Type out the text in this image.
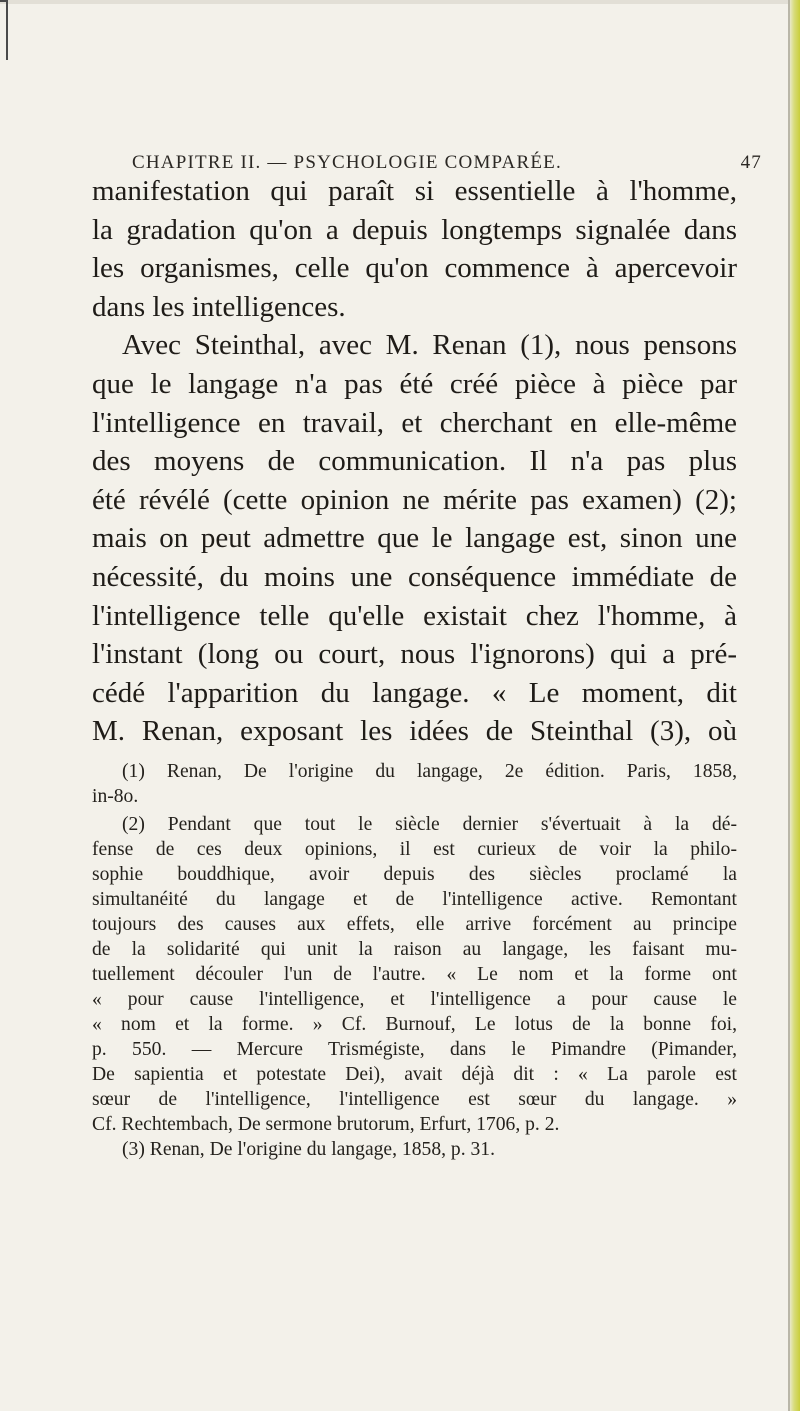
CHAPITRE II. — PSYCHOLOGIE COMPARÉE.	47
manifestation qui paraît si essentielle à l'homme,
la gradation qu'on a depuis longtemps signalée dans
les organismes, celle qu'on commence à apercevoir
dans les intelligences.
Avec Steinthal, avec M. Renan (1), nous pensons
que le langage n'a pas été créé pièce à pièce par
l'intelligence en travail, et cherchant en elle-même
des moyens de communication. Il n'a pas plus
été révélé (cette opinion ne mérite pas examen) (2);
mais on peut admettre que le langage est, sinon une
nécessité, du moins une conséquence immédiate de
l'intelligence telle qu'elle existait chez l'homme, à
l'instant (long ou court, nous l'ignorons) qui a pré-
cédé l'apparition du langage. « Le moment, dit
M. Renan, exposant les idées de Steinthal (3), où
(1) Renan, De l'origine du langage, 2e édition. Paris, 1858,
in-8o.
(2) Pendant que tout le siècle dernier s'évertuait à la dé-
fense de ces deux opinions, il est curieux de voir la philo-
sophie bouddhique, avoir depuis des siècles proclamé la
simultanéité du langage et de l'intelligence active. Remontant
toujours des causes aux effets, elle arrive forcément au principe
de la solidarité qui unit la raison au langage, les faisant mu-
tuellement découler l'un de l'autre. « Le nom et la forme ont
« pour cause l'intelligence, et l'intelligence a pour cause le
« nom et la forme. » Cf. Burnouf, Le lotus de la bonne foi,
p. 550. — Mercure Trismégiste, dans le Pimandre (Pimander,
De sapientia et potestate Dei), avait déjà dit : « La parole est
sœur de l'intelligence, l'intelligence est sœur du langage. »
Cf. Rechtembach, De sermone brutorum, Erfurt, 1706, p. 2.
(3) Renan, De l'origine du langage, 1858, p. 31.
